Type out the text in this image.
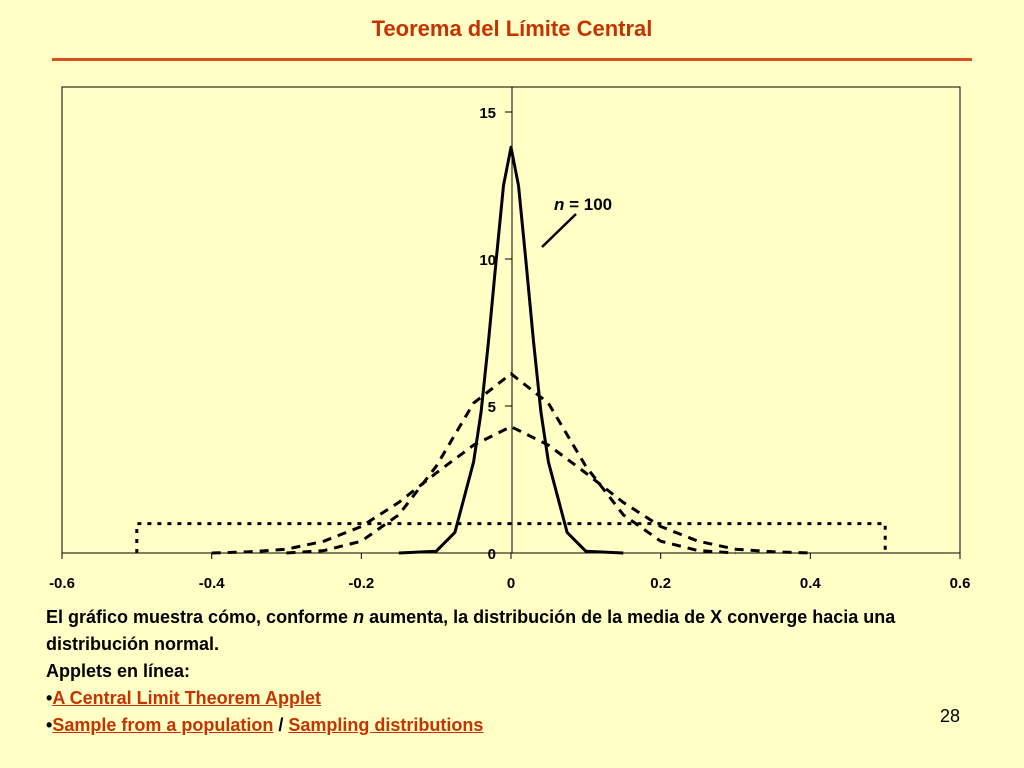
Teorema del Límite Central
-0.6	-0.4	-0.2	0	0.2	0.4	0.6
0
5
10
15
n = 100

El gráfico muestra cómo, conforme n aumenta, la distribución de la media de X converge hacia una distribución normal.

Applets en línea:

•A Central Limit Theorem Applet

•Sample from a population / Sampling distributions	28
